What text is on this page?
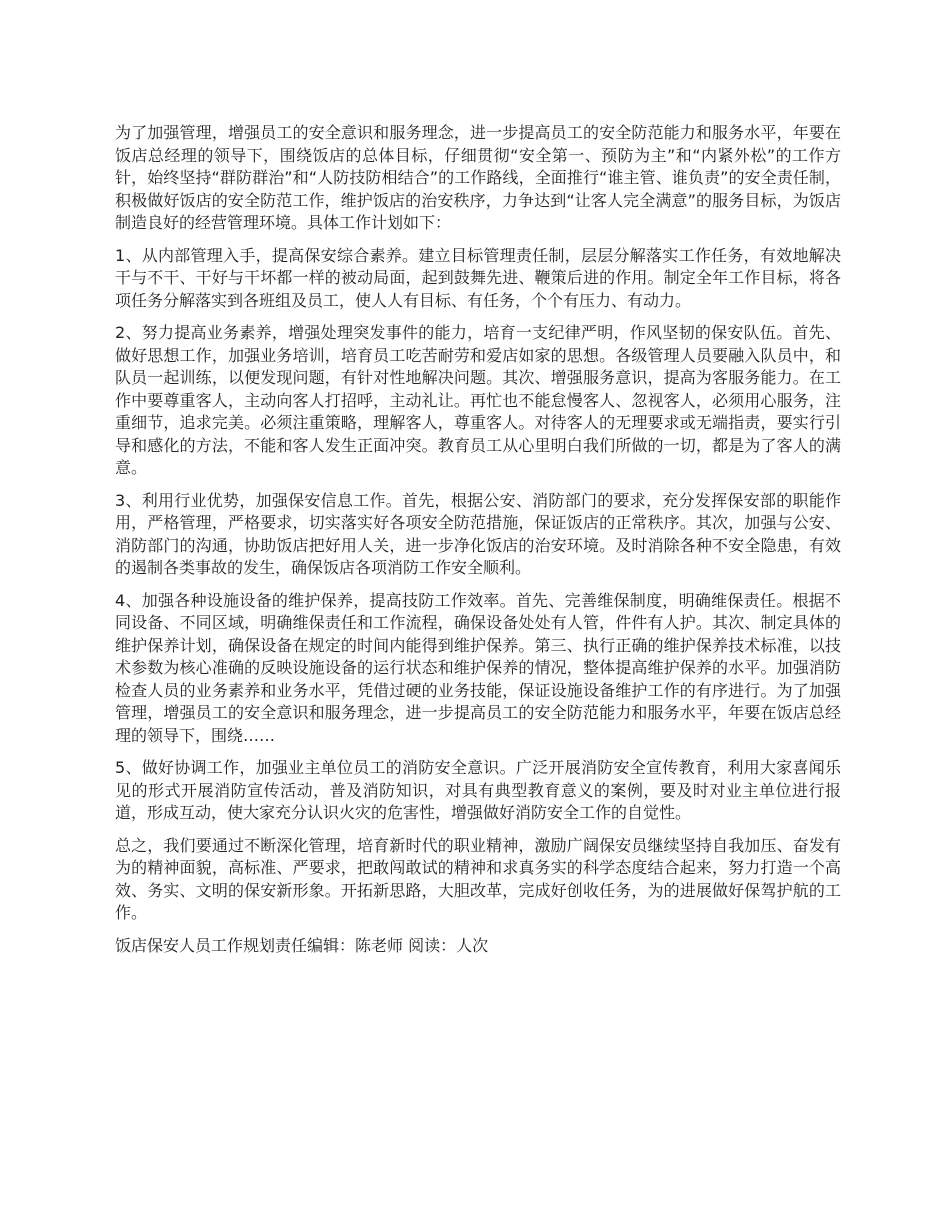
为了加强管理，增强员工的安全意识和服务理念，进一步提高员工的安全防范能力和服务水平，年要在饭店总经理的领导下，围绕饭店的总体目标，仔细贯彻“安全第一、预防为主”和“内紧外松”的工作方针，始终坚持“群防群治”和“人防技防相结合”的工作路线，全面推行“谁主管、谁负责”的安全责任制，积极做好饭店的安全防范工作，维护饭店的治安秩序，力争达到“让客人完全满意”的服务目标，为饭店制造良好的经营管理环境。具体工作计划如下：

1、从内部管理入手，提高保安综合素养。建立目标管理责任制，层层分解落实工作任务，有效地解决干与不干、干好与干坏都一样的被动局面，起到鼓舞先进、鞭策后进的作用。制定全年工作目标，将各项任务分解落实到各班组及员工，使人人有目标、有任务，个个有压力、有动力。

2、努力提高业务素养，增强处理突发事件的能力，培育一支纪律严明，作风坚韧的保安队伍。首先、做好思想工作，加强业务培训，培育员工吃苦耐劳和爱店如家的思想。各级管理人员要融入队员中，和队员一起训练，以便发现问题，有针对性地解决问题。其次、增强服务意识，提高为客服务能力。在工作中要尊重客人，主动向客人打招呼，主动礼让。再忙也不能怠慢客人、忽视客人，必须用心服务，注重细节，追求完美。必须注重策略，理解客人，尊重客人。对待客人的无理要求或无端指责，要实行引导和感化的方法，不能和客人发生正面冲突。教育员工从心里明白我们所做的一切，都是为了客人的满意。

3、利用行业优势，加强保安信息工作。首先，根据公安、消防部门的要求，充分发挥保安部的职能作用，严格管理，严格要求，切实落实好各项安全防范措施，保证饭店的正常秩序。其次，加强与公安、消防部门的沟通，协助饭店把好用人关，进一步净化饭店的治安环境。及时消除各种不安全隐患，有效的遏制各类事故的发生，确保饭店各项消防工作安全顺利。

4、加强各种设施设备的维护保养，提高技防工作效率。首先、完善维保制度，明确维保责任。根据不同设备、不同区域，明确维保责任和工作流程，确保设备处处有人管，件件有人护。其次、制定具体的维护保养计划，确保设备在规定的时间内能得到维护保养。第三、执行正确的维护保养技术标准，以技术参数为核心准确的反映设施设备的运行状态和维护保养的情况，整体提高维护保养的水平。加强消防检查人员的业务素养和业务水平，凭借过硬的业务技能，保证设施设备维护工作的有序进行。为了加强管理，增强员工的安全意识和服务理念，进一步提高员工的安全防范能力和服务水平，年要在饭店总经理的领导下，围绕……

5、做好协调工作，加强业主单位员工的消防安全意识。广泛开展消防安全宣传教育，利用大家喜闻乐见的形式开展消防宣传活动，普及消防知识，对具有典型教育意义的案例，要及时对业主单位进行报道，形成互动，使大家充分认识火灾的危害性，增强做好消防安全工作的自觉性。

总之，我们要通过不断深化管理，培育新时代的职业精神，激励广阔保安员继续坚持自我加压、奋发有为的精神面貌，高标准、严要求，把敢闯敢试的精神和求真务实的科学态度结合起来，努力打造一个高效、务实、文明的保安新形象。开拓新思路，大胆改革，完成好创收任务，为的进展做好保驾护航的工作。

饭店保安人员工作规划责任编辑：陈老师 阅读：人次
